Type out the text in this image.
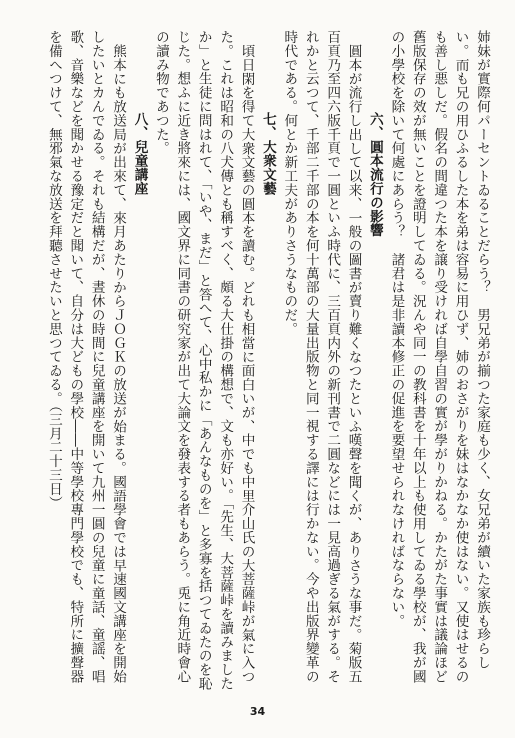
姉妹が實際何パーセントゐることだらう？　男兄弟が揃つた家庭も少く、女兄弟が續いた家族も珍らしい。而も兄の用ひふるした本を弟は容易に用ひず、姉のおさがりを妹はなかなか使はない。又使はせるのも善し悪しだ。假名の間違つた本を譲り受ければ自學自習の實が學がりかねる。かたがた事實は議論ほど舊版保存の效が無いことを證明してゐる。況んや同一の教科書を十年以上も使用してゐる學校が、我が國の小學校を除いて何處にあらう？　諸君は是非讀本修正の促進を要望せられなければならない。

六、圓本流行の影響

圓本が流行し出して以来、一般の圖書が賣り難くなつたといふ嘆聲を聞くが、ありさうな事だ。菊版五百頁乃至四六版千頁で一圓といふ時代に、三百頁内外の新刊書で二圓などには一見高過ぎる氣がする。それかと云つて、千部二千部の本を何十萬部の大量出版物と同一視する譯には行かない。今や出版界變革の時代である。何とか新工夫がありさうなものだ。

七、大衆文藝

頃日閑を得て大衆文藝の圓本を讀む。どれも相當に面白いが、中でも中里介山氏の大菩薩峠が氣に入つた。これは昭和の八犬傳とも稱すべく、頗る大仕掛の構想で、文も亦好い。「先生、大菩薩峠を讀みましたか」と生徒に問はれて、「いや、まだ」と答へて、心中私かに「あんなものを」と多寡を括つてゐたのを恥じた。想ふに近き將來には、國文界に同書の研究家が出て大論文を發表する者もあらう。兎に角近時會心の讀み物であつた。

八、兒童講座

熊本にも放送局が出來て、來月あたりからＪＯＧＫの放送が始まる。國語學會では早速國文講座を開始したいとカんでゐる。それも結構だが、晝休の時間に兒童講座を開いて九州一圓の兒童に童話、童謡、唱歌、音樂などを聞かせる豫定だと聞いて、自分は大どもの學校――中等學校專門學校でも、特所に擴聲器を備へつけて、無邪氣な放送を拜聽させたいと思つてゐる。（三月二十三日）

34
